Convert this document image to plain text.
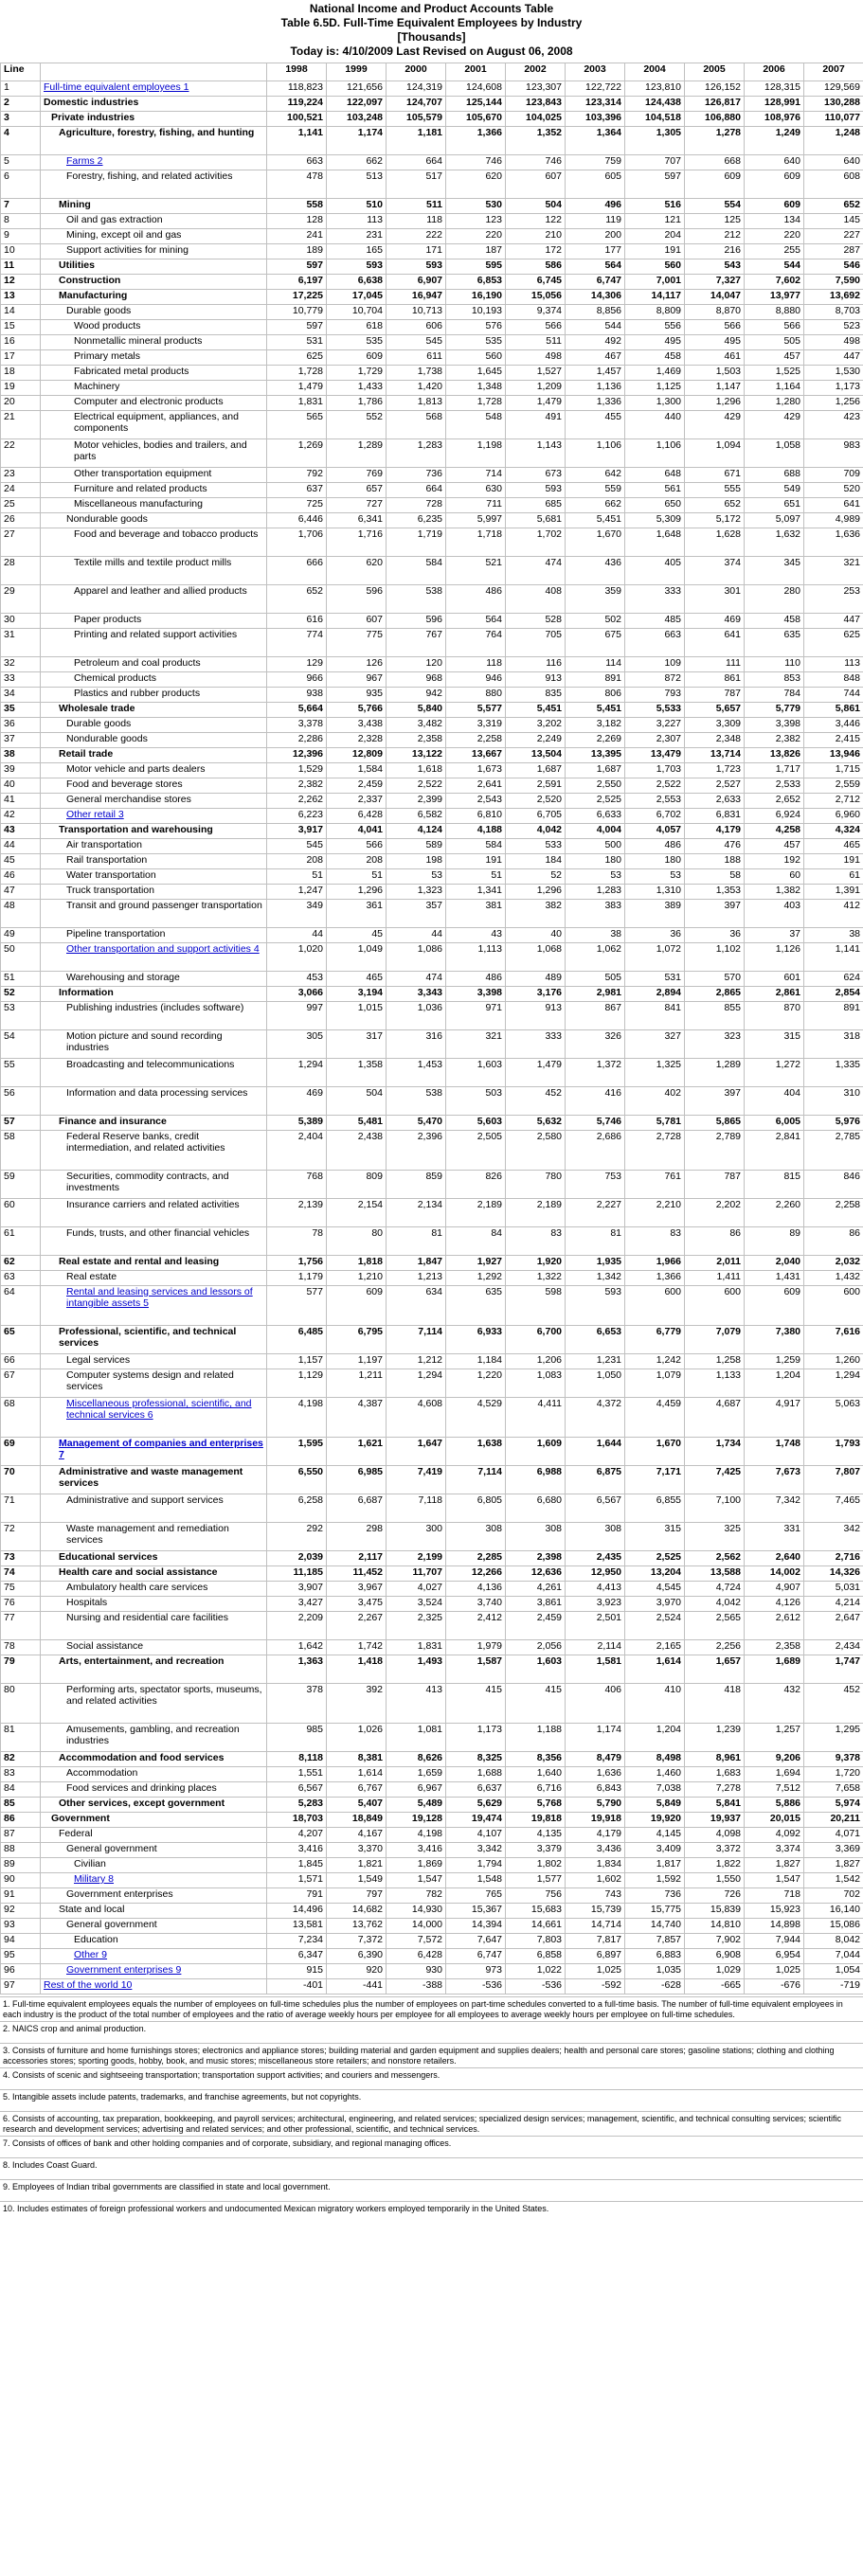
National Income and Product Accounts Table
Table 6.5D. Full-Time Equivalent Employees by Industry
[Thousands]
Today is: 4/10/2009 Last Revised on August 06, 2008
Line		1998	1999	2000	2001	2002	2003	2004	2005	2006	2007
1	Full-time equivalent employees 1	118,823	121,656	124,319	124,608	123,307	122,722	123,810	126,152	128,315	129,569
2	Domestic industries	119,224	122,097	124,707	125,144	123,843	123,314	124,438	126,817	128,991	130,288
3	Private industries	100,521	103,248	105,579	105,670	104,025	103,396	104,518	106,880	108,976	110,077
4	Agriculture, forestry, fishing, and hunting	1,141	1,174	1,181	1,366	1,352	1,364	1,305	1,278	1,249	1,248
5	Farms 2	663	662	664	746	746	759	707	668	640	640
6	Forestry, fishing, and related activities	478	513	517	620	607	605	597	609	609	608
7	Mining	558	510	511	530	504	496	516	554	609	652
8	Oil and gas extraction	128	113	118	123	122	119	121	125	134	145
9	Mining, except oil and gas	241	231	222	220	210	200	204	212	220	227
10	Support activities for mining	189	165	171	187	172	177	191	216	255	287
11	Utilities	597	593	593	595	586	564	560	543	544	546
12	Construction	6,197	6,638	6,907	6,853	6,745	6,747	7,001	7,327	7,602	7,590
13	Manufacturing	17,225	17,045	16,947	16,190	15,056	14,306	14,117	14,047	13,977	13,692
14	Durable goods	10,779	10,704	10,713	10,193	9,374	8,856	8,809	8,870	8,880	8,703
15	Wood products	597	618	606	576	566	544	556	566	566	523
16	Nonmetallic mineral products	531	535	545	535	511	492	495	495	505	498
17	Primary metals	625	609	611	560	498	467	458	461	457	447
18	Fabricated metal products	1,728	1,729	1,738	1,645	1,527	1,457	1,469	1,503	1,525	1,530
19	Machinery	1,479	1,433	1,420	1,348	1,209	1,136	1,125	1,147	1,164	1,173
20	Computer and electronic products	1,831	1,786	1,813	1,728	1,479	1,336	1,300	1,296	1,280	1,256
21	Electrical equipment, appliances, and components	565	552	568	548	491	455	440	429	429	423
22	Motor vehicles, bodies and trailers, and parts	1,269	1,289	1,283	1,198	1,143	1,106	1,106	1,094	1,058	983
23	Other transportation equipment	792	769	736	714	673	642	648	671	688	709
24	Furniture and related products	637	657	664	630	593	559	561	555	549	520
25	Miscellaneous manufacturing	725	727	728	711	685	662	650	652	651	641
26	Nondurable goods	6,446	6,341	6,235	5,997	5,681	5,451	5,309	5,172	5,097	4,989
27	Food and beverage and tobacco products	1,706	1,716	1,719	1,718	1,702	1,670	1,648	1,628	1,632	1,636
28	Textile mills and textile product mills	666	620	584	521	474	436	405	374	345	321
29	Apparel and leather and allied products	652	596	538	486	408	359	333	301	280	253
30	Paper products	616	607	596	564	528	502	485	469	458	447
31	Printing and related support activities	774	775	767	764	705	675	663	641	635	625
32	Petroleum and coal products	129	126	120	118	116	114	109	111	110	113
33	Chemical products	966	967	968	946	913	891	872	861	853	848
34	Plastics and rubber products	938	935	942	880	835	806	793	787	784	744
35	Wholesale trade	5,664	5,766	5,840	5,577	5,451	5,451	5,533	5,657	5,779	5,861
36	Durable goods	3,378	3,438	3,482	3,319	3,202	3,182	3,227	3,309	3,398	3,446
37	Nondurable goods	2,286	2,328	2,358	2,258	2,249	2,269	2,307	2,348	2,382	2,415
38	Retail trade	12,396	12,809	13,122	13,667	13,504	13,395	13,479	13,714	13,826	13,946
39	Motor vehicle and parts dealers	1,529	1,584	1,618	1,673	1,687	1,687	1,703	1,723	1,717	1,715
40	Food and beverage stores	2,382	2,459	2,522	2,641	2,591	2,550	2,522	2,527	2,533	2,559
41	General merchandise stores	2,262	2,337	2,399	2,543	2,520	2,525	2,553	2,633	2,652	2,712
42	Other retail 3	6,223	6,428	6,582	6,810	6,705	6,633	6,702	6,831	6,924	6,960
43	Transportation and warehousing	3,917	4,041	4,124	4,188	4,042	4,004	4,057	4,179	4,258	4,324
44	Air transportation	545	566	589	584	533	500	486	476	457	465
45	Rail transportation	208	208	198	191	184	180	180	188	192	191
46	Water transportation	51	51	53	51	52	53	53	58	60	61
47	Truck transportation	1,247	1,296	1,323	1,341	1,296	1,283	1,310	1,353	1,382	1,391
48	Transit and ground passenger transportation	349	361	357	381	382	383	389	397	403	412
49	Pipeline transportation	44	45	44	43	40	38	36	36	37	38
50	Other transportation and support activities 4	1,020	1,049	1,086	1,113	1,068	1,062	1,072	1,102	1,126	1,141
51	Warehousing and storage	453	465	474	486	489	505	531	570	601	624
52	Information	3,066	3,194	3,343	3,398	3,176	2,981	2,894	2,865	2,861	2,854
53	Publishing industries (includes software)	997	1,015	1,036	971	913	867	841	855	870	891
54	Motion picture and sound recording industries	305	317	316	321	333	326	327	323	315	318
55	Broadcasting and telecommunications	1,294	1,358	1,453	1,603	1,479	1,372	1,325	1,289	1,272	1,335
56	Information and data processing services	469	504	538	503	452	416	402	397	404	310
57	Finance and insurance	5,389	5,481	5,470	5,603	5,632	5,746	5,781	5,865	6,005	5,976
58	Federal Reserve banks, credit intermediation, and related activities	2,404	2,438	2,396	2,505	2,580	2,686	2,728	2,789	2,841	2,785
59	Securities, commodity contracts, and investments	768	809	859	826	780	753	761	787	815	846
60	Insurance carriers and related activities	2,139	2,154	2,134	2,189	2,189	2,227	2,210	2,202	2,260	2,258
61	Funds, trusts, and other financial vehicles	78	80	81	84	83	81	83	86	89	86
62	Real estate and rental and leasing	1,756	1,818	1,847	1,927	1,920	1,935	1,966	2,011	2,040	2,032
63	Real estate	1,179	1,210	1,213	1,292	1,322	1,342	1,366	1,411	1,431	1,432
64	Rental and leasing services and lessors of intangible assets 5	577	609	634	635	598	593	600	600	609	600
65	Professional, scientific, and technical services	6,485	6,795	7,114	6,933	6,700	6,653	6,779	7,079	7,380	7,616
66	Legal services	1,157	1,197	1,212	1,184	1,206	1,231	1,242	1,258	1,259	1,260
67	Computer systems design and related services	1,129	1,211	1,294	1,220	1,083	1,050	1,079	1,133	1,204	1,294
68	Miscellaneous professional, scientific, and technical services 6	4,198	4,387	4,608	4,529	4,411	4,372	4,459	4,687	4,917	5,063
69	Management of companies and enterprises 7	1,595	1,621	1,647	1,638	1,609	1,644	1,670	1,734	1,748	1,793
70	Administrative and waste management services	6,550	6,985	7,419	7,114	6,988	6,875	7,171	7,425	7,673	7,807
71	Administrative and support services	6,258	6,687	7,118	6,805	6,680	6,567	6,855	7,100	7,342	7,465
72	Waste management and remediation services	292	298	300	308	308	308	315	325	331	342
73	Educational services	2,039	2,117	2,199	2,285	2,398	2,435	2,525	2,562	2,640	2,716
74	Health care and social assistance	11,185	11,452	11,707	12,266	12,636	12,950	13,204	13,588	14,002	14,326
75	Ambulatory health care services	3,907	3,967	4,027	4,136	4,261	4,413	4,545	4,724	4,907	5,031
76	Hospitals	3,427	3,475	3,524	3,740	3,861	3,923	3,970	4,042	4,126	4,214
77	Nursing and residential care facilities	2,209	2,267	2,325	2,412	2,459	2,501	2,524	2,565	2,612	2,647
78	Social assistance	1,642	1,742	1,831	1,979	2,056	2,114	2,165	2,256	2,358	2,434
79	Arts, entertainment, and recreation	1,363	1,418	1,493	1,587	1,603	1,581	1,614	1,657	1,689	1,747
80	Performing arts, spectator sports, museums, and related activities	378	392	413	415	415	406	410	418	432	452
81	Amusements, gambling, and recreation industries	985	1,026	1,081	1,173	1,188	1,174	1,204	1,239	1,257	1,295
82	Accommodation and food services	8,118	8,381	8,626	8,325	8,356	8,479	8,498	8,961	9,206	9,378
83	Accommodation	1,551	1,614	1,659	1,688	1,640	1,636	1,460	1,683	1,694	1,720
84	Food services and drinking places	6,567	6,767	6,967	6,637	6,716	6,843	7,038	7,278	7,512	7,658
85	Other services, except government	5,283	5,407	5,489	5,629	5,768	5,790	5,849	5,841	5,886	5,974
86	Government	18,703	18,849	19,128	19,474	19,818	19,918	19,920	19,937	20,015	20,211
87	Federal	4,207	4,167	4,198	4,107	4,135	4,179	4,145	4,098	4,092	4,071
88	General government	3,416	3,370	3,416	3,342	3,379	3,436	3,409	3,372	3,374	3,369
89	Civilian	1,845	1,821	1,869	1,794	1,802	1,834	1,817	1,822	1,827	1,827
90	Military 8	1,571	1,549	1,547	1,548	1,577	1,602	1,592	1,550	1,547	1,542
91	Government enterprises	791	797	782	765	756	743	736	726	718	702
92	State and local	14,496	14,682	14,930	15,367	15,683	15,739	15,775	15,839	15,923	16,140
93	General government	13,581	13,762	14,000	14,394	14,661	14,714	14,740	14,810	14,898	15,086
94	Education	7,234	7,372	7,572	7,647	7,803	7,817	7,857	7,902	7,944	8,042
95	Other 9	6,347	6,390	6,428	6,747	6,858	6,897	6,883	6,908	6,954	7,044
96	Government enterprises 9	915	920	930	973	1,022	1,025	1,035	1,029	1,025	1,054
97	Rest of the world 10	-401	-441	-388	-536	-536	-592	-628	-665	-676	-719
1. Full-time equivalent employees equals the number of employees on full-time schedules plus the number of employees on part-time schedules converted to a full-time basis. The number of full-time equivalent employees in each industry is the product of the total number of employees and the ratio of average weekly hours per employee for all employees to average weekly hours per employee on full-time schedules.
2. NAICS crop and animal production.
3. Consists of furniture and home furnishings stores; electronics and appliance stores; building material and garden equipment and supplies dealers; health and personal care stores; gasoline stations; clothing and clothing accessories stores; sporting goods, hobby, book, and music stores; miscellaneous store retailers; and nonstore retailers.
4. Consists of scenic and sightseeing transportation; transportation support activities; and couriers and messengers.
5. Intangible assets include patents, trademarks, and franchise agreements, but not copyrights.
6. Consists of accounting, tax preparation, bookkeeping, and payroll services; architectural, engineering, and related services; specialized design services; management, scientific, and technical consulting services; scientific research and development services; advertising and related services; and other professional, scientific, and technical services.
7. Consists of offices of bank and other holding companies and of corporate, subsidiary, and regional managing offices.
8. Includes Coast Guard.
9. Employees of Indian tribal governments are classified in state and local government.
10. Includes estimates of foreign professional workers and undocumented Mexican migratory workers employed temporarily in the United States.
